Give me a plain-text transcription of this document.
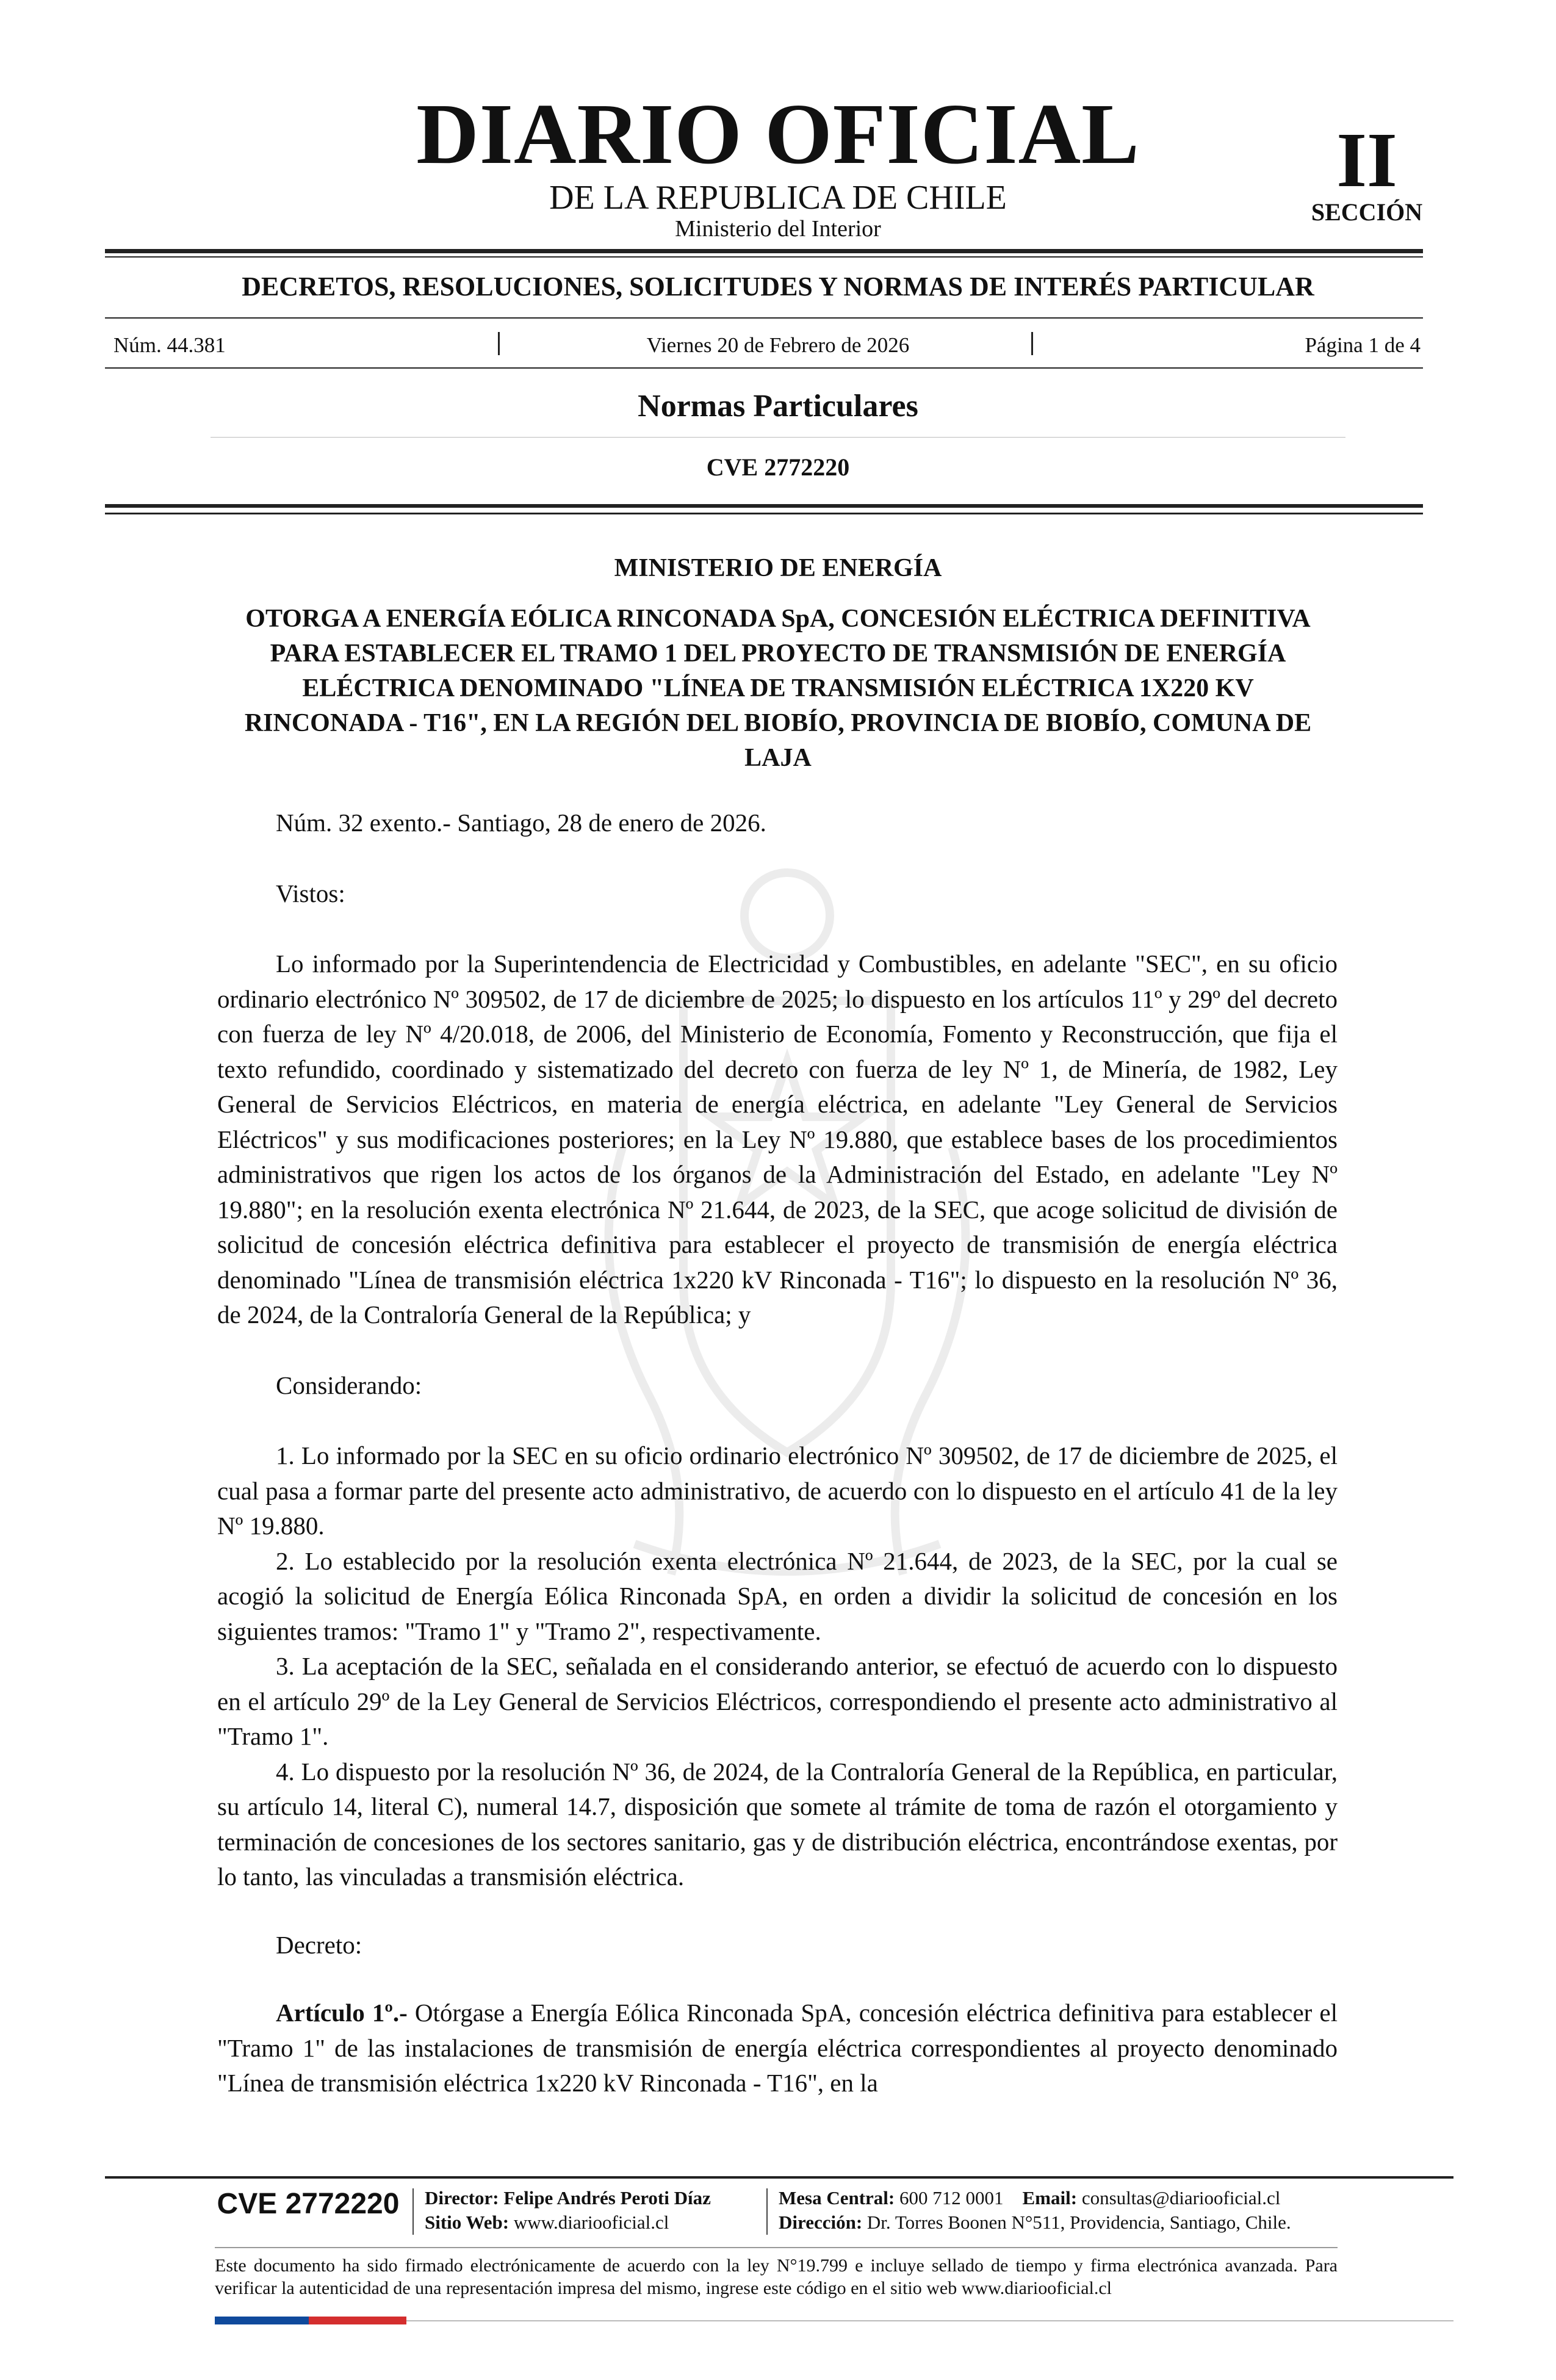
DIARIO OFICIAL
DE LA REPUBLICA DE CHILE
Ministerio del Interior
II
SECCIÓN
DECRETOS, RESOLUCIONES, SOLICITUDES Y NORMAS DE INTERÉS PARTICULAR
Núm. 44.381	Viernes 20 de Febrero de 2026	Página 1 de 4
Normas Particulares
CVE 2772220
MINISTERIO DE ENERGÍA
OTORGA A ENERGÍA EÓLICA RINCONADA SpA, CONCESIÓN ELÉCTRICA DEFINITIVA PARA ESTABLECER EL TRAMO 1 DEL PROYECTO DE TRANSMISIÓN DE ENERGÍA ELÉCTRICA DENOMINADO "LÍNEA DE TRANSMISIÓN ELÉCTRICA 1X220 KV RINCONADA - T16", EN LA REGIÓN DEL BIOBÍO, PROVINCIA DE BIOBÍO, COMUNA DE LAJA

Núm. 32 exento.- Santiago, 28 de enero de 2026.

Vistos:

Lo informado por la Superintendencia de Electricidad y Combustibles, en adelante "SEC", en su oficio ordinario electrónico Nº 309502, de 17 de diciembre de 2025; lo dispuesto en los artículos 11º y 29º del decreto con fuerza de ley Nº 4/20.018, de 2006, del Ministerio de Economía, Fomento y Reconstrucción, que fija el texto refundido, coordinado y sistematizado del decreto con fuerza de ley Nº 1, de Minería, de 1982, Ley General de Servicios Eléctricos, en materia de energía eléctrica, en adelante "Ley General de Servicios Eléctricos" y sus modificaciones posteriores; en la Ley Nº 19.880, que establece bases de los procedimientos administrativos que rigen los actos de los órganos de la Administración del Estado, en adelante "Ley Nº 19.880"; en la resolución exenta electrónica Nº 21.644, de 2023, de la SEC, que acoge solicitud de división de solicitud de concesión eléctrica definitiva para establecer el proyecto de transmisión de energía eléctrica denominado "Línea de transmisión eléctrica 1x220 kV Rinconada - T16"; lo dispuesto en la resolución Nº 36, de 2024, de la Contraloría General de la República; y

Considerando:

1. Lo informado por la SEC en su oficio ordinario electrónico Nº 309502, de 17 de diciembre de 2025, el cual pasa a formar parte del presente acto administrativo, de acuerdo con lo dispuesto en el artículo 41 de la ley Nº 19.880.

2. Lo establecido por la resolución exenta electrónica Nº 21.644, de 2023, de la SEC, por la cual se acogió la solicitud de Energía Eólica Rinconada SpA, en orden a dividir la solicitud de concesión en los siguientes tramos: "Tramo 1" y "Tramo 2", respectivamente.

3. La aceptación de la SEC, señalada en el considerando anterior, se efectuó de acuerdo con lo dispuesto en el artículo 29º de la Ley General de Servicios Eléctricos, correspondiendo el presente acto administrativo al "Tramo 1".

4. Lo dispuesto por la resolución Nº 36, de 2024, de la Contraloría General de la República, en particular, su artículo 14, literal C), numeral 14.7, disposición que somete al trámite de toma de razón el otorgamiento y terminación de concesiones de los sectores sanitario, gas y de distribución eléctrica, encontrándose exentas, por lo tanto, las vinculadas a transmisión eléctrica.

Decreto:

Artículo 1º.- Otórgase a Energía Eólica Rinconada SpA, concesión eléctrica definitiva para establecer el "Tramo 1" de las instalaciones de transmisión de energía eléctrica correspondientes al proyecto denominado "Línea de transmisión eléctrica 1x220 kV Rinconada - T16", en la

CVE 2772220	Director: Felipe Andrés Peroti Díaz
Sitio Web: www.diariooficial.cl
Mesa Central: 600 712 0001 Email: consultas@diariooficial.cl
Dirección: Dr. Torres Boonen N°511, Providencia, Santiago, Chile.
Este documento ha sido firmado electrónicamente de acuerdo con la ley N°19.799 e incluye sellado de tiempo y firma electrónica avanzada. Para verificar la autenticidad de una representación impresa del mismo, ingrese este código en el sitio web www.diariooficial.cl
